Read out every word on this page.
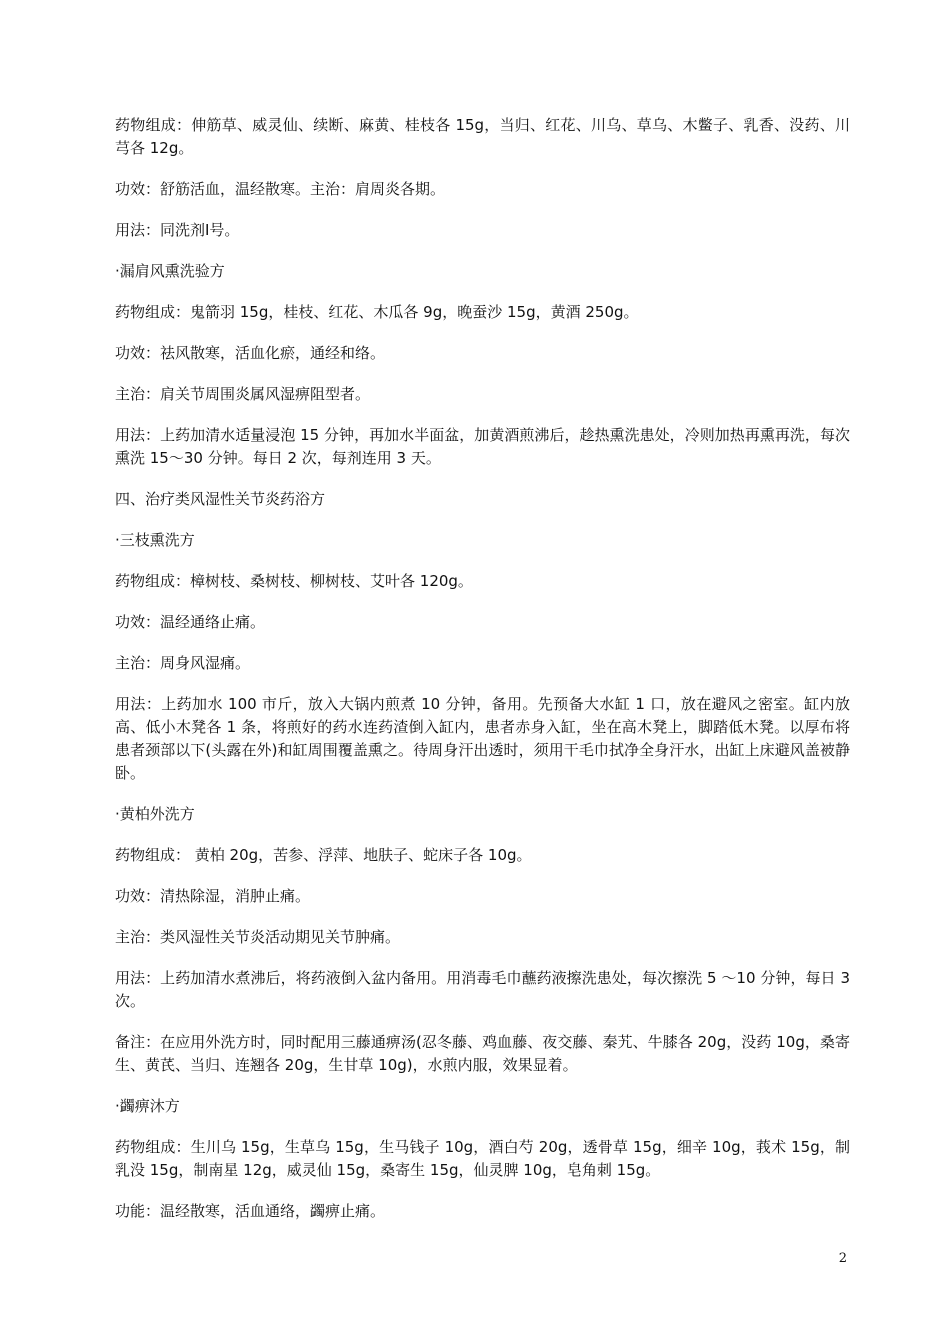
药物组成：伸筋草、威灵仙、续断、麻黄、桂枝各 15g，当归、红花、川乌、草乌、木鳖子、乳香、没药、川芎各 12g。

功效：舒筋活血，温经散寒。主治：肩周炎各期。

用法：同洗剂Ⅰ号。

·漏肩风熏洗验方

药物组成：鬼箭羽 15g，桂枝、红花、木瓜各 9g，晚蚕沙 15g，黄酒 250g。

功效：祛风散寒，活血化瘀，通经和络。

主治：肩关节周围炎属风湿痹阻型者。

用法：上药加清水适量浸泡 15 分钟，再加水半面盆，加黄酒煎沸后，趁热熏洗患处，冷则加热再熏再洗，每次熏洗 15～30 分钟。每日 2 次，每剂连用 3 天。

四、治疗类风湿性关节炎药浴方

·三枝熏洗方

药物组成：樟树枝、桑树枝、柳树枝、艾叶各 120g。

功效：温经通络止痛。

主治：周身风湿痛。

用法：上药加水 100 市斤，放入大锅内煎煮 10 分钟，备用。先预备大水缸 1 口，放在避风之密室。缸内放高、低小木凳各 1 条，将煎好的药水连药渣倒入缸内，患者赤身入缸，坐在高木凳上，脚踏低木凳。以厚布将患者颈部以下(头露在外)和缸周围覆盖熏之。待周身汗出透时，须用干毛巾拭净全身汗水，出缸上床避风盖被静卧。

·黄柏外洗方

药物组成： 黄柏 20g，苦参、浮萍、地肤子、蛇床子各 10g。

功效：清热除湿，消肿止痛。

主治：类风湿性关节炎活动期见关节肿痛。

用法：上药加清水煮沸后，将药液倒入盆内备用。用消毒毛巾蘸药液擦洗患处，每次擦洗 5 ～10 分钟，每日 3 次。

备注：在应用外洗方时，同时配用三藤通痹汤(忍冬藤、鸡血藤、夜交藤、秦艽、牛膝各 20g，没药 10g，桑寄生、黄芪、当归、连翘各 20g，生甘草 10g)，水煎内服，效果显着。

·蠲痹沐方

药物组成：生川乌 15g，生草乌 15g，生马钱子 10g，酒白芍 20g，透骨草 15g，细辛 10g，莪术 15g，制乳没 15g，制南星 12g，威灵仙 15g，桑寄生 15g，仙灵脾 10g，皂角刺 15g。

功能：温经散寒，活血通络，蠲痹止痛。

2
